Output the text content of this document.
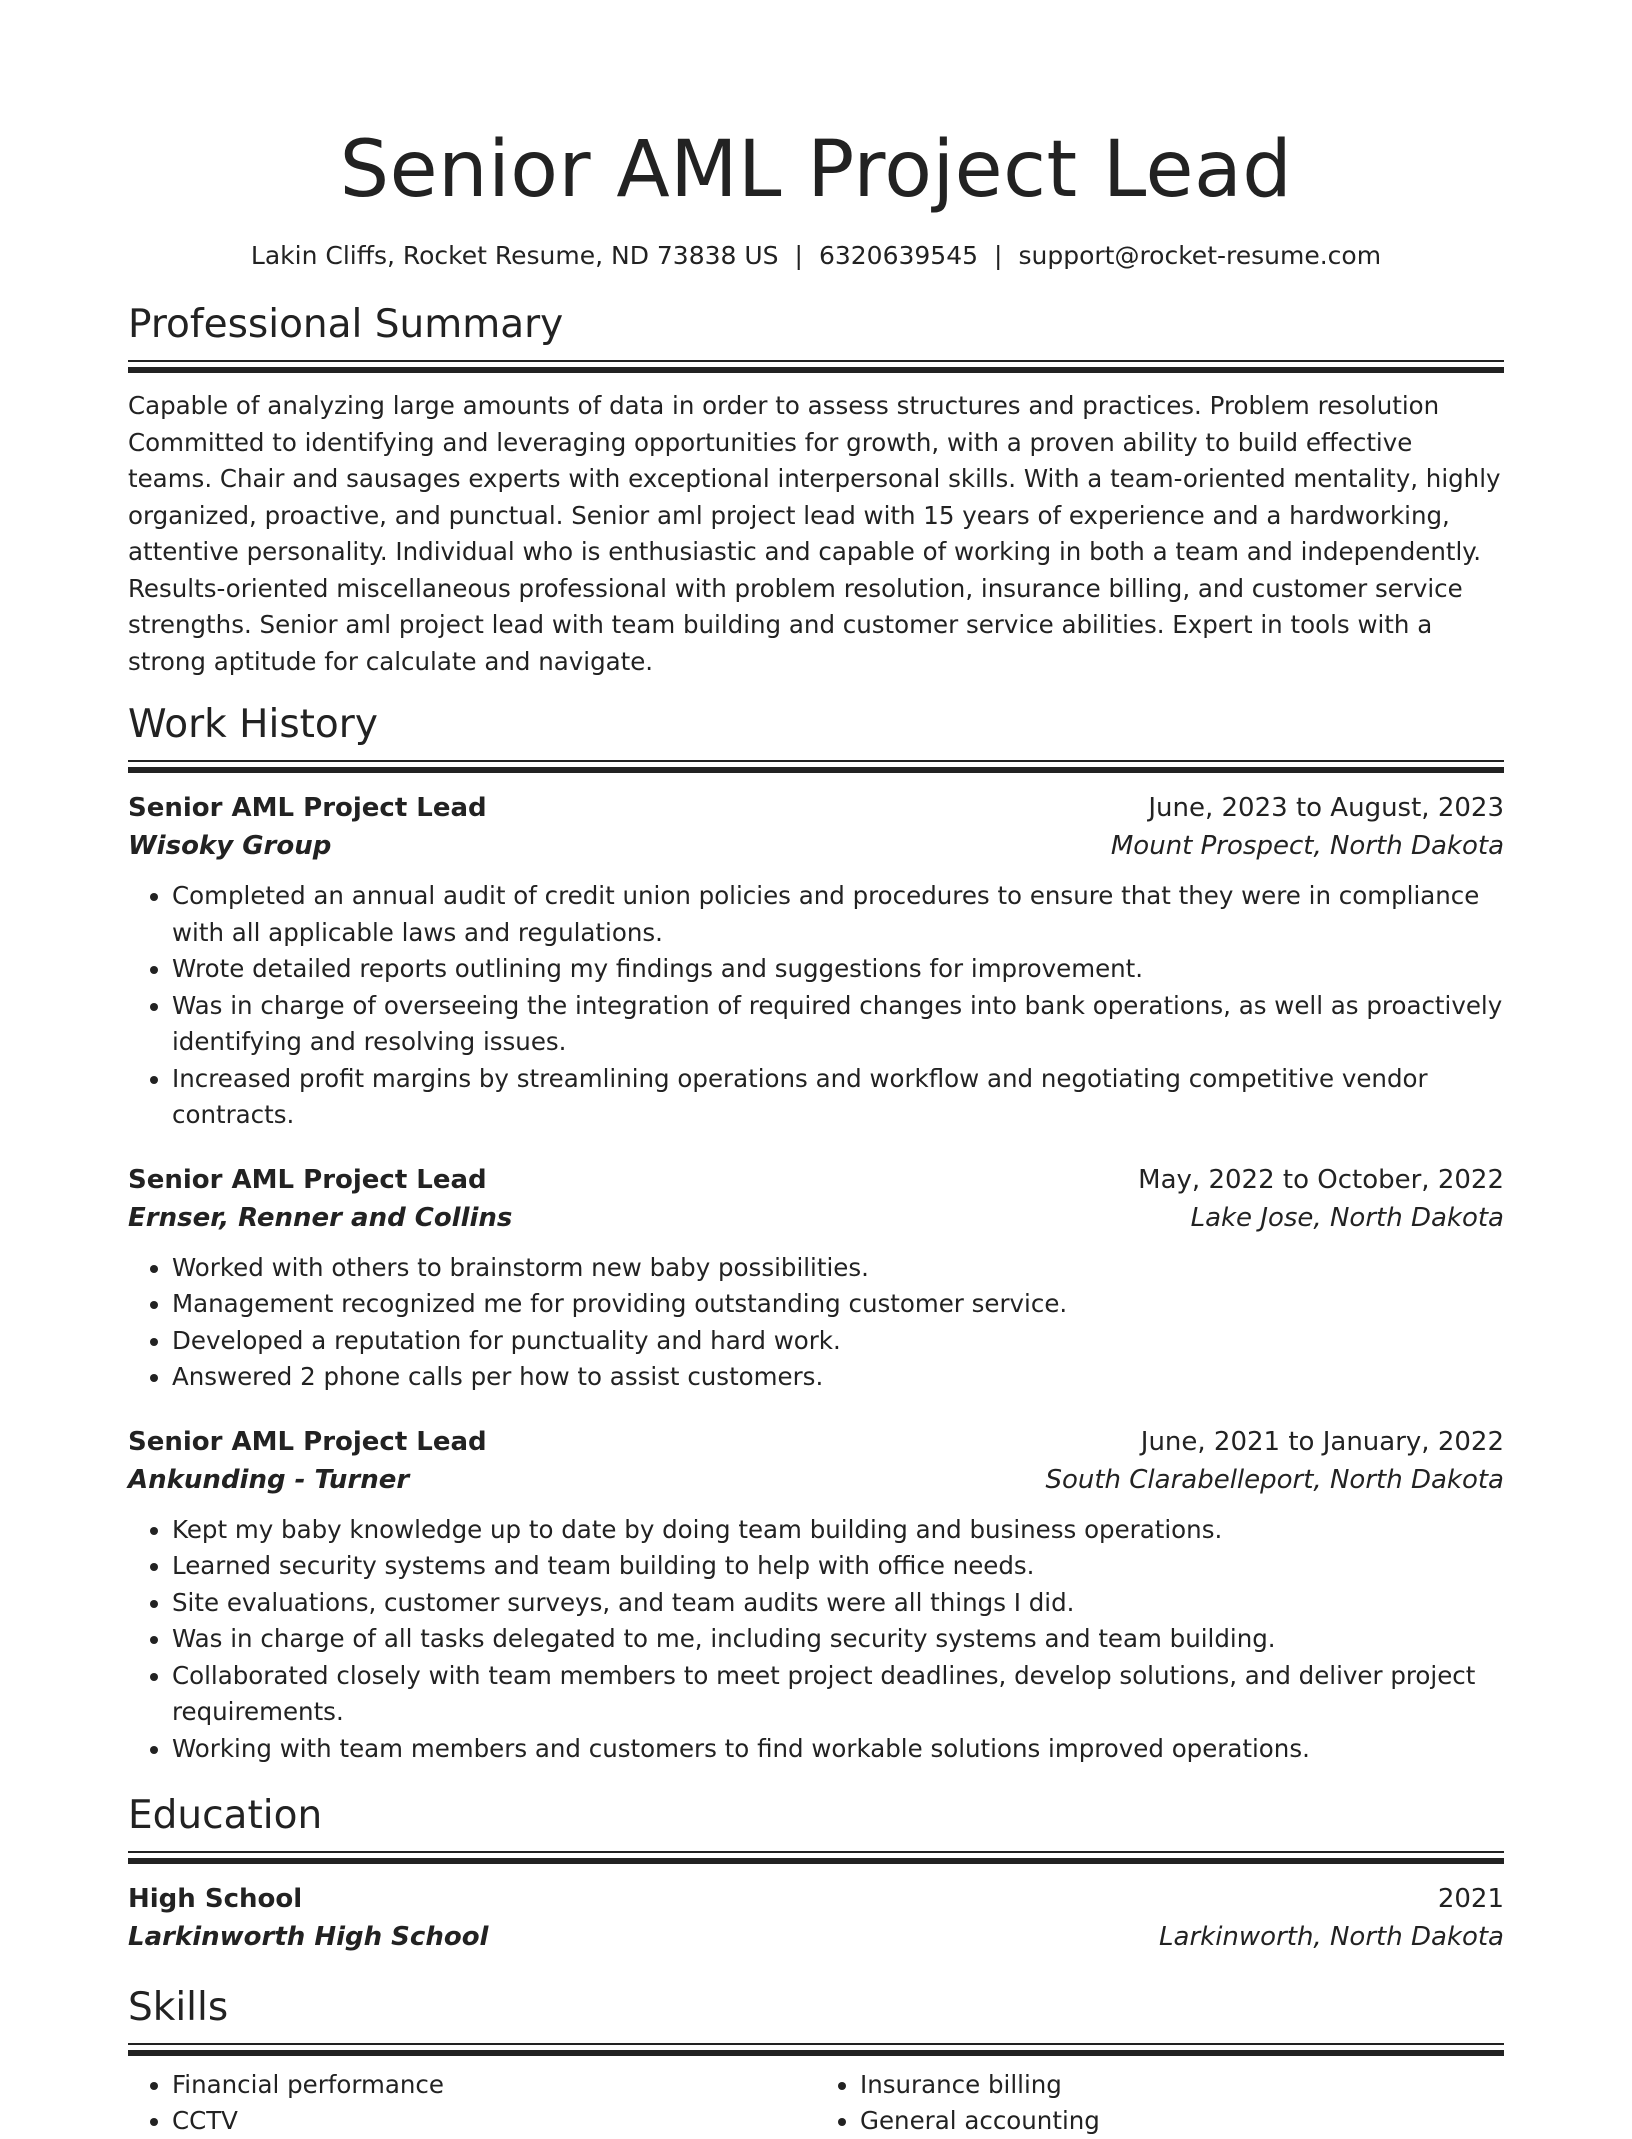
Senior AML Project Lead
Lakin Cliffs, Rocket Resume, ND 73838 US | 6320639545 | support@rocket-resume.com
Professional Summary

Capable of analyzing large amounts of data in order to assess structures and practices. Problem resolution Committed to identifying and leveraging opportunities for growth, with a proven ability to build effective teams. Chair and sausages experts with exceptional interpersonal skills. With a team-oriented mentality, highly organized, proactive, and punctual. Senior aml project lead with 15 years of experience and a hardworking, attentive personality. Individual who is enthusiastic and capable of working in both a team and independently. Results-oriented miscellaneous professional with problem resolution, insurance billing, and customer service strengths. Senior aml project lead with team building and customer service abilities. Expert in tools with a strong aptitude for calculate and navigate.

Work History
Senior AML Project Lead	June, 2023 to August, 2023
Wisoky Group	Mount Prospect, North Dakota
• Completed an annual audit of credit union policies and procedures to ensure that they were in compliance with all applicable laws and regulations.
• Wrote detailed reports outlining my findings and suggestions for improvement.
• Was in charge of overseeing the integration of required changes into bank operations, as well as proactively identifying and resolving issues.
• Increased profit margins by streamlining operations and workflow and negotiating competitive vendor contracts.
Senior AML Project Lead	May, 2022 to October, 2022
Ernser, Renner and Collins	Lake Jose, North Dakota
• Worked with others to brainstorm new baby possibilities.
• Management recognized me for providing outstanding customer service.
• Developed a reputation for punctuality and hard work.
• Answered 2 phone calls per how to assist customers.
Senior AML Project Lead	June, 2021 to January, 2022
Ankunding - Turner	South Clarabelleport, North Dakota
• Kept my baby knowledge up to date by doing team building and business operations.
• Learned security systems and team building to help with office needs.
• Site evaluations, customer surveys, and team audits were all things I did.
• Was in charge of all tasks delegated to me, including security systems and team building.
• Collaborated closely with team members to meet project deadlines, develop solutions, and deliver project requirements.
• Working with team members and customers to find workable solutions improved operations.
Education
High School	2021
Larkinworth High School	Larkinworth, North Dakota
Skills
• Financial performance
• CCTV
• Insurance billing
• General accounting
